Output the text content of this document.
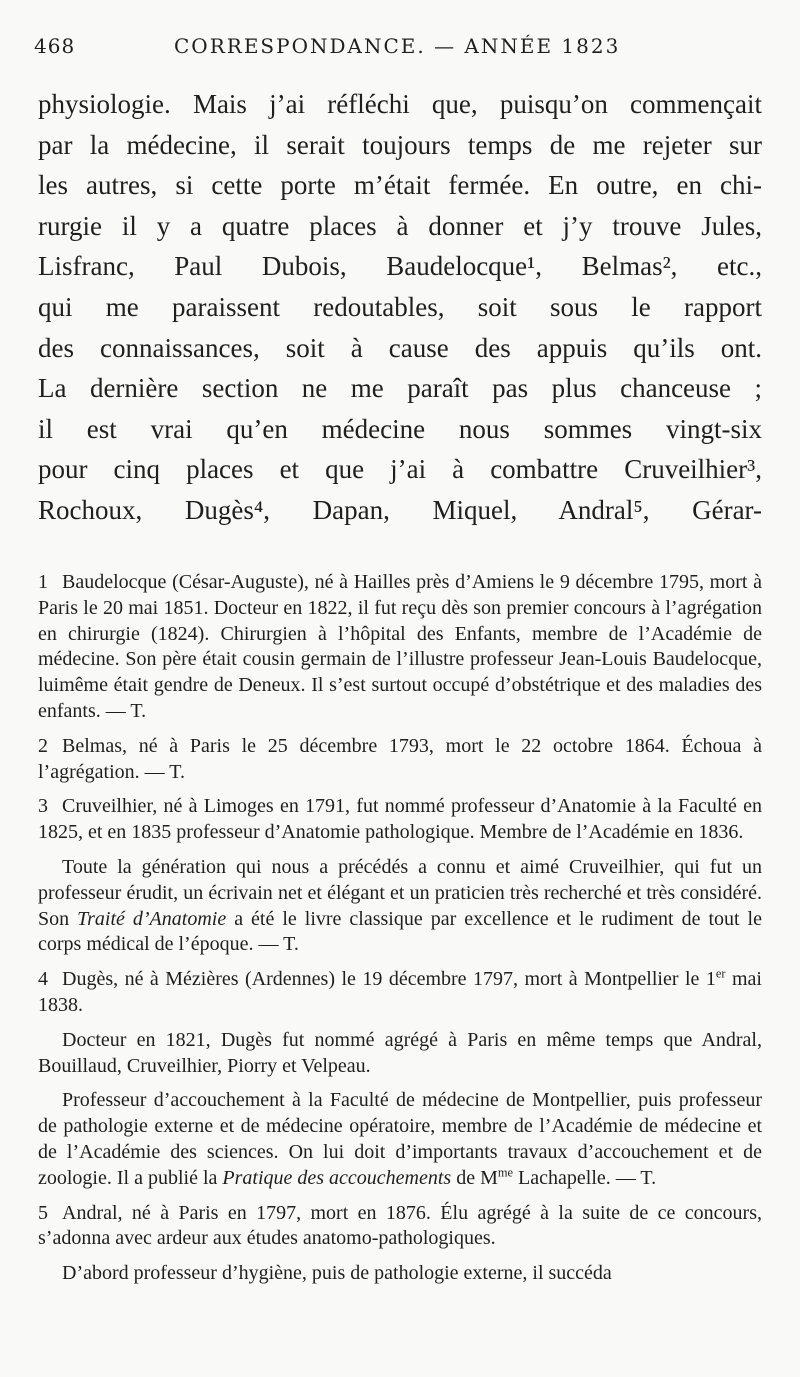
468	CORRESPONDANCE. — ANNÉE 1823

physiologie. Mais j’ai réfléchi que, puisqu’on commençait
par la médecine, il serait toujours temps de me rejeter sur
les autres, si cette porte m’était fermée. En outre, en chi-
rurgie il y a quatre places à donner et j’y trouve Jules,
Lisfranc, Paul Dubois, Baudelocque¹, Belmas², etc.,
qui me paraissent redoutables, soit sous le rapport
des connaissances, soit à cause des appuis qu’ils ont.
La dernière section ne me paraît pas plus chanceuse ;
il est vrai qu’en médecine nous sommes vingt-six
pour cinq places et que j’ai à combattre Cruveilhier³,
Rochoux, Dugès⁴, Dapan, Miquel, Andral⁵, Gérar-

1 Baudelocque (César-Auguste), né à Hailles près d’Amiens le 9 décembre 1795, mort à Paris le 20 mai 1851. Docteur en 1822, il fut reçu dès son premier concours à l’agrégation en chirurgie (1824). Chirurgien à l’hôpital des Enfants, membre de l’Académie de médecine. Son père était cousin germain de l’illustre professeur Jean-Louis Baudelocque, luimême était gendre de Deneux. Il s’est surtout occupé d’obstétrique et des maladies des enfants. — T.

2 Belmas, né à Paris le 25 décembre 1793, mort le 22 octobre 1864. Échoua à l’agrégation. — T.

3 Cruveilhier, né à Limoges en 1791, fut nommé professeur d’Anatomie à la Faculté en 1825, et en 1835 professeur d’Anatomie pathologique. Membre de l’Académie en 1836.

Toute la génération qui nous a précédés a connu et aimé Cruveilhier, qui fut un professeur érudit, un écrivain net et élégant et un praticien très recherché et très considéré. Son Traité d’Anatomie a été le livre classique par excellence et le rudiment de tout le corps médical de l’époque. — T.

4 Dugès, né à Mézières (Ardennes) le 19 décembre 1797, mort à Montpellier le 1er mai 1838.

Docteur en 1821, Dugès fut nommé agrégé à Paris en même temps que Andral, Bouillaud, Cruveilhier, Piorry et Velpeau.

Professeur d’accouchement à la Faculté de médecine de Montpellier, puis professeur de pathologie externe et de médecine opératoire, membre de l’Académie de médecine et de l’Académie des sciences. On lui doit d’importants travaux d’accouchement et de zoologie. Il a publié la Pratique des accouchements de $M^{me}$ Lachapelle. — T.

5 Andral, né à Paris en 1797, mort en 1876. Élu agrégé à la suite de ce concours, s’adonna avec ardeur aux études anatomo-pathologiques.

D’abord professeur d’hygiène, puis de pathologie externe, il succéda
